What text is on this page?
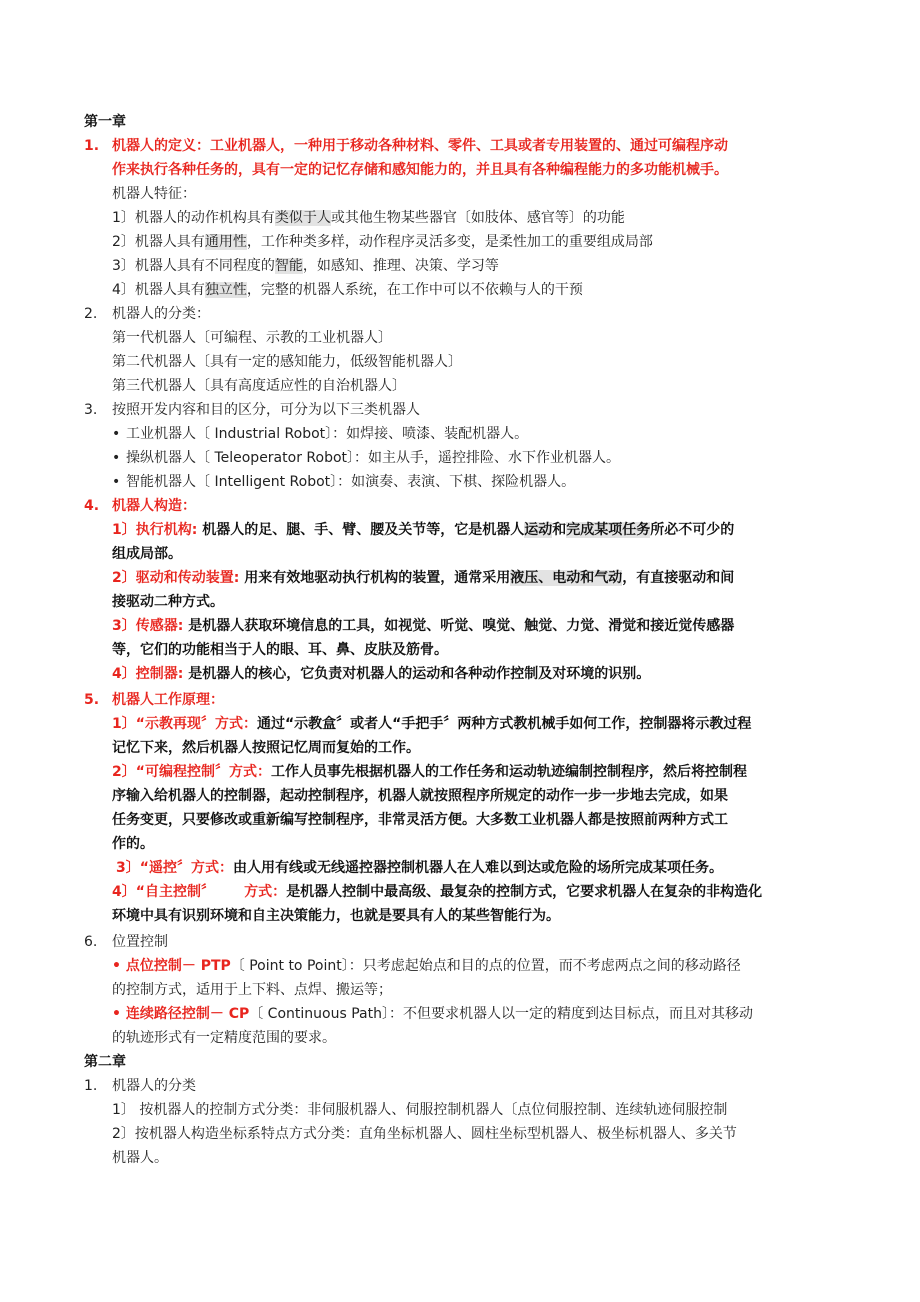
第一章
1. 机器人的定义：工业机器人，一种用于移动各种材料、零件、工具或者专用装置的、通过可编程序动
作来执行各种任务的，具有一定的记忆存储和感知能力的，并且具有各种编程能力的多功能机械手。
机器人特征：
1〕机器人的动作机构具有类似于人或其他生物某些器官〔如肢体、感官等〕的功能
2〕机器人具有通用性，工作种类多样，动作程序灵活多变，是柔性加工的重要组成局部
3〕机器人具有不同程度的智能，如感知、推理、决策、学习等
4〕机器人具有独立性，完整的机器人系统，在工作中可以不依赖与人的干预
2. 机器人的分类：
第一代机器人〔可编程、示教的工业机器人〕
第二代机器人〔具有一定的感知能力，低级智能机器人〕
第三代机器人〔具有高度适应性的自治机器人〕
3. 按照开发内容和目的区分，可分为以下三类机器人
• 工业机器人〔 Industrial Robot〕：如焊接、喷漆、装配机器人。
• 操纵机器人〔 Teleoperator Robot〕：如主从手，遥控排险、水下作业机器人。
• 智能机器人〔 Intelligent Robot〕：如演奏、表演、下棋、探险机器人。
4. 机器人构造：
1〕执行机构: 机器人的足、腿、手、臂、腰及关节等，它是机器人运动和完成某项任务所必不可少的
组成局部。
2〕驱动和传动装置: 用来有效地驱动执行机构的装置，通常采用液压、电动和气动，有直接驱动和间
接驱动二种方式。
3〕传感器: 是机器人获取环境信息的工具，如视觉、听觉、嗅觉、触觉、力觉、滑觉和接近觉传感器
等，它们的功能相当于人的眼、耳、鼻、皮肤及筋骨。
4〕控制器: 是机器人的核心，它负责对机器人的运动和各种动作控制及对环境的识别。
5. 机器人工作原理：
1〕“示教再现〞方式：通过“示教盒〞或者人“手把手〞两种方式教机械手如何工作，控制器将示教过程
记忆下来，然后机器人按照记忆周而复始的工作。
2〕“可编程控制〞方式：工作人员事先根据机器人的工作任务和运动轨迹编制控制程序，然后将控制程
序输入给机器人的控制器，起动控制程序，机器人就按照程序所规定的动作一步一步地去完成，如果
任务变更，只要修改或重新编写控制程序，非常灵活方便。大多数工业机器人都是按照前两种方式工
作的。
3〕“遥控〞方式：由人用有线或无线遥控器控制机器人在人难以到达或危险的场所完成某项任务。
4〕“自主控制〞      方式：是机器人控制中最高级、最复杂的控制方式，它要求机器人在复杂的非构造化
环境中具有识别环境和自主决策能力，也就是要具有人的某些智能行为。
6. 位置控制
• 点位控制－ PTP〔 Point to Point〕：只考虑起始点和目的点的位置，而不考虑两点之间的移动路径
的控制方式，适用于上下料、点焊、搬运等；
• 连续路径控制－ CP〔 Continuous Path〕：不但要求机器人以一定的精度到达目标点，而且对其移动
的轨迹形式有一定精度范围的要求。
第二章
1. 机器人的分类
1〕 按机器人的控制方式分类：非伺服机器人、伺服控制机器人〔点位伺服控制、连续轨迹伺服控制
2〕按机器人构造坐标系特点方式分类：直角坐标机器人、圆柱坐标型机器人、极坐标机器人、多关节
机器人。
